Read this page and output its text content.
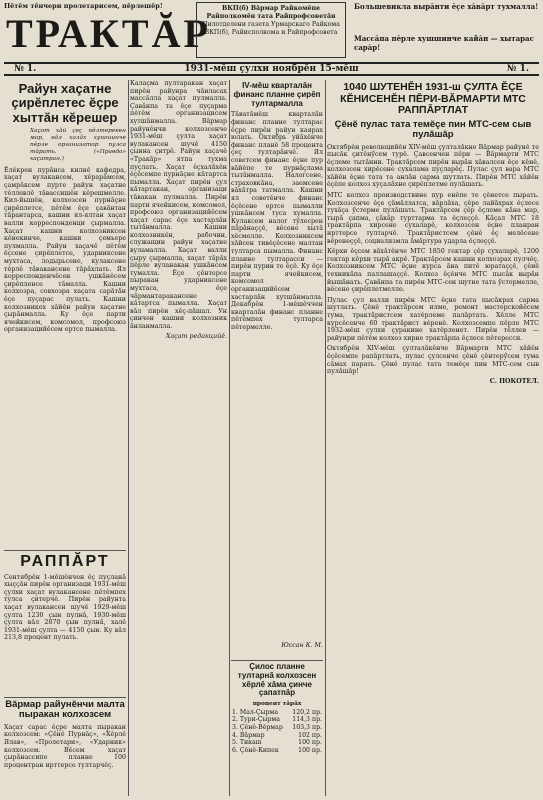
Пĕтĕм тĕнчери пролетарисем, пĕрлешĕр!
ТРАКТĂР
ВКП(б) Вăрмар Райкомĕпе Райполкомĕн тата Райпрофсоветăн
Пилотделени газета Урмарскаго Райкома ВКП(б), Райисполкома и Райпрофсовета
Большевикла вырăнти ĕçе хăвăрт тухмалла!
Массăпа пĕрле хушшинче кайăн — хытарас сарăр!
№ 1.	1931-мĕш çулхи ноябрĕн 15-мĕш	№ 1.
Райун хаçатне çирĕплетес ĕçре хыттăн кĕрешер
Хаçат хăй çеç пĕлтерекен мар, вăл халăх хушшинче пĕрле организатор пулса тăрать. («Правда» хаçатран.)

Ĕлĕкрен пурăнса килнĕ кафедра, хаçат вулакансем, хĕрарăмсем, çамрăксем пурте райун хаçатне тĕллевлĕ тăвассишĕн кĕрешмелле. Кил-йышĕн, колхозсен пурнăçне çирĕплетсе, пĕтĕм ĕçе çавăнтан тăрантарса, кашни ял-ялтан хаçат валли корреспонденци çырмалла. Хаçат кашни колхозниксен кĕнекинче, кашни çемьере пулмалла. Райун хаçачĕ пĕтĕм ĕçсене çирĕплетсе, ударниксене мухтаса, лодырьсене, кулаксене тĕрлĕ тăвакансене тăрăхлать. Ял корреспонденчĕсен ушкăнĕсем çирĕпленсе тăмалла. Кашни колхозра, совхозра хаçата сарăтăн ĕçе пуçарас пулать. Кашни колхозникех хăйĕн райун хаçатне çырăнмалла. Ку ĕçе парти ячейкисем, комсомол, профсоюз организацийĕсем ертсе пымалла.

РАППĂРТ

Сентябрĕн 1-мĕшĕнчен ĕç пуçланă хыççăн пирĕн организаци 1931-мĕш çулхи хаçат вулакансене пĕтĕмпех тулса çитерчĕ. Пирĕн райунта хаçат вулакансен шучĕ 1929-мĕш çулта 1230 çын пулнă, 1930-мĕш çулта вăл 2870 çын пулнă, халĕ 1931-мĕш çулта — 4150 çын. Ку вăл 213,8 процент пулать.

Вăрмар райунĕнчи малта пыракан колхозсем

Хаçат сарас ĕçре малта пыракан колхозсем: «Çĕнĕ Пурнăç», «Хĕрлĕ Ялав», «Пролетари», «Ударник» колхозсем. Вĕсем хаçат çырăнассипе планне 100 процентран ирттерсе тултарчĕç.

Калаçма пултаракан хаçат пирĕн райунра чăнласах массăлла хаçат пулмалла. Çавăнпа та ĕçе пуçарма пĕтĕм организацисем хутшăнмалла. Вăрмар райунĕнчи колхозсенче 1931-мĕш çулта хаçат вулакансен шучĕ 4150 çынна çитрĕ. Райун хаçачĕ «Тракăр» ятпа тухма пуçлать. Хаçат ĕçхалăхĕн ĕçĕсемпе пурнăçне кăтартса пымалла. Хаçат пирĕн çул кăтартакан, организаци тăвакан пулмалла. Пирĕн парти ячейкисем, комсомол, профсоюз организацийĕсем хаçат сарас ĕçе хастарлăн тытăнмалла. Кашни колхозникĕн, рабочин, служащин райун хаçатне вуламалла. Хаçат валли çыру çырмалла, хаçат тăрăх пĕрле вуланакан ушкăнсем тумалла. Ĕçе çĕнтерсе пыракан ударниксене мухтаса, ĕçе чăрмантаракансене кăтартса пымалла. Хаçат вăл пирĕн хĕç-пăшал. Ун çинчен кашни колхозник ăнланмалла.

Хаçат редакцийĕ.
IV-мĕш кварталăн финанс планне çирĕп тултармалла

Тăватăмĕш кварталăн финанс планне тултарас ĕçре пирĕн райун каярах юлать. Октябрь уйăхĕнче финанс планĕ 58 процента çеç тултарăнчĕ. Ял советсем финанс ĕçне пур вăйĕпе те пурнăçлама тытăнмалла. Налогсене, страховкăна, заемсене вăхăтра татмалла. Кашни ял советĕнче финанс ĕçĕсене ертсе пымалли ушкăнсем туса хумалла. Кулаксем налог тӳлесрен пăрăнаççĕ, вĕсене хытă хĕсмелле. Колхозниксем хăйсен тивĕçĕсене малтан тултарса пымалла. Финанс планне тултарасси — пирĕн пурин те ĕçĕ. Ку ĕçе парти ячейкисем, комсомол организацийĕсем хастарлăн хутшăнмалла. Декабрĕн 1-мĕшĕччен кварталăн финанс планне пĕтĕмпех тултарса пĕтермелле.

Юссан К. М.
Çилос планне тултарнă колхозсен хĕрлĕ хăма çинче çапатпăр
процент тăрăх
1. Мал-Çырма	120,2 пр.
2. Тури-Çырма	114,3 пр.
3. Çĕнĕ-Вĕрмар	103,3 пр.
4. Вăрмар	102 пр.
5. Тикаш	100 пр.
6. Çĕнĕ-Кипек	100 пр.
1040 ШУТЕНĔН 1931-ш ÇУЛТА ĔÇЕ КĔНИСЕНĔН ПĔРИ-ВĂРМАРТИ МТС РАППĂРТЛАТ
Çĕнĕ пулас тата темĕçе пин МТС-сем сыв пулăшăр

Октябрĕн революцийĕн XIV-мĕш çулталăкне Вăрмар райунĕ те пысăк çитĕнӳсем турĕ. Çавсенчен пĕри — Вăрмарти МТС ĕçлеме тытăнни. Трактăрсем пирĕн вырăн хăвалсен ĕçе кĕнĕ, колхозсен хирĕсене сухалама пуçларĕç. Пулас çул вара МТС хăйĕн ĕçне тата та анлăн сарма шутлать. Пирĕн МТС хăйĕн ĕçĕпе колхоз хуçалăхне çирĕплетме пулăшать.

МТС колхоз производствине пур енĕпе те çĕнетсе пырать. Колхозсенче ĕçе çăмăллатса, вăрлăха, çĕре лайăхрах ĕçлесе тухăçа ӳстерме пулăшать. Трактăрсем çĕр ĕçлеме кăна мар, тырă çапма, çăкăр турттарма та ĕçлеççĕ. Кăçал МТС 18 трактăрпа хирсене сухаларĕ, колхозсен ĕçне планран ирттерсе тултарчĕ. Трактăристсем çĕнĕ ĕç мелĕсене вĕренеççĕ, социализмла ăмăртура ударла ĕçлеççĕ.

Кĕрхи ĕçсем вăхăтĕнче МТС 1850 гектар çĕр сухаларĕ, 1200 гектар кĕрхи тырă акрĕ. Трактăрсем кашни колхозрах пулчĕç. Колхозниксем МТС ĕçне курса ăна питĕ юратаççĕ, çĕнĕ техникăпа паллашаççĕ. Колхоз ĕçĕнче МТС пысăк вырăн йышăнать. Çавăнпа та пирĕн МТС-сен шутне тата ӳстермелле, вĕсене çирĕплетмелле.

Пулас çул валли пирĕн МТС ĕçне тата пысăкрах сарма шутлать. Çĕнĕ трактăрсем илме, ремонт мастерскойĕсем тума, трактăристсем хатĕрлеме палăртать. Хĕлле МТС курсĕсенче 60 трактăрист вĕренĕ. Колхозсемпе пĕрле МТС 1932-мĕш çулхи çуракине хатĕрленет. Пирĕн тĕллев — райунри пĕтĕм колхоз хирне трактăрпа ĕçлесе пĕтересси.

Октябрĕн XIV-мĕш çулталăкĕнче Вăрмарти МТС хăйĕн ĕçĕсемпе рапăртлать, пулас çулсенче çĕнĕ çĕнтерӳсем тума сăмах парать. Çĕнĕ пулас тата темĕçе пин МТС-сем сыв пулăшăр!

С. ПОКОТЕЛ.
